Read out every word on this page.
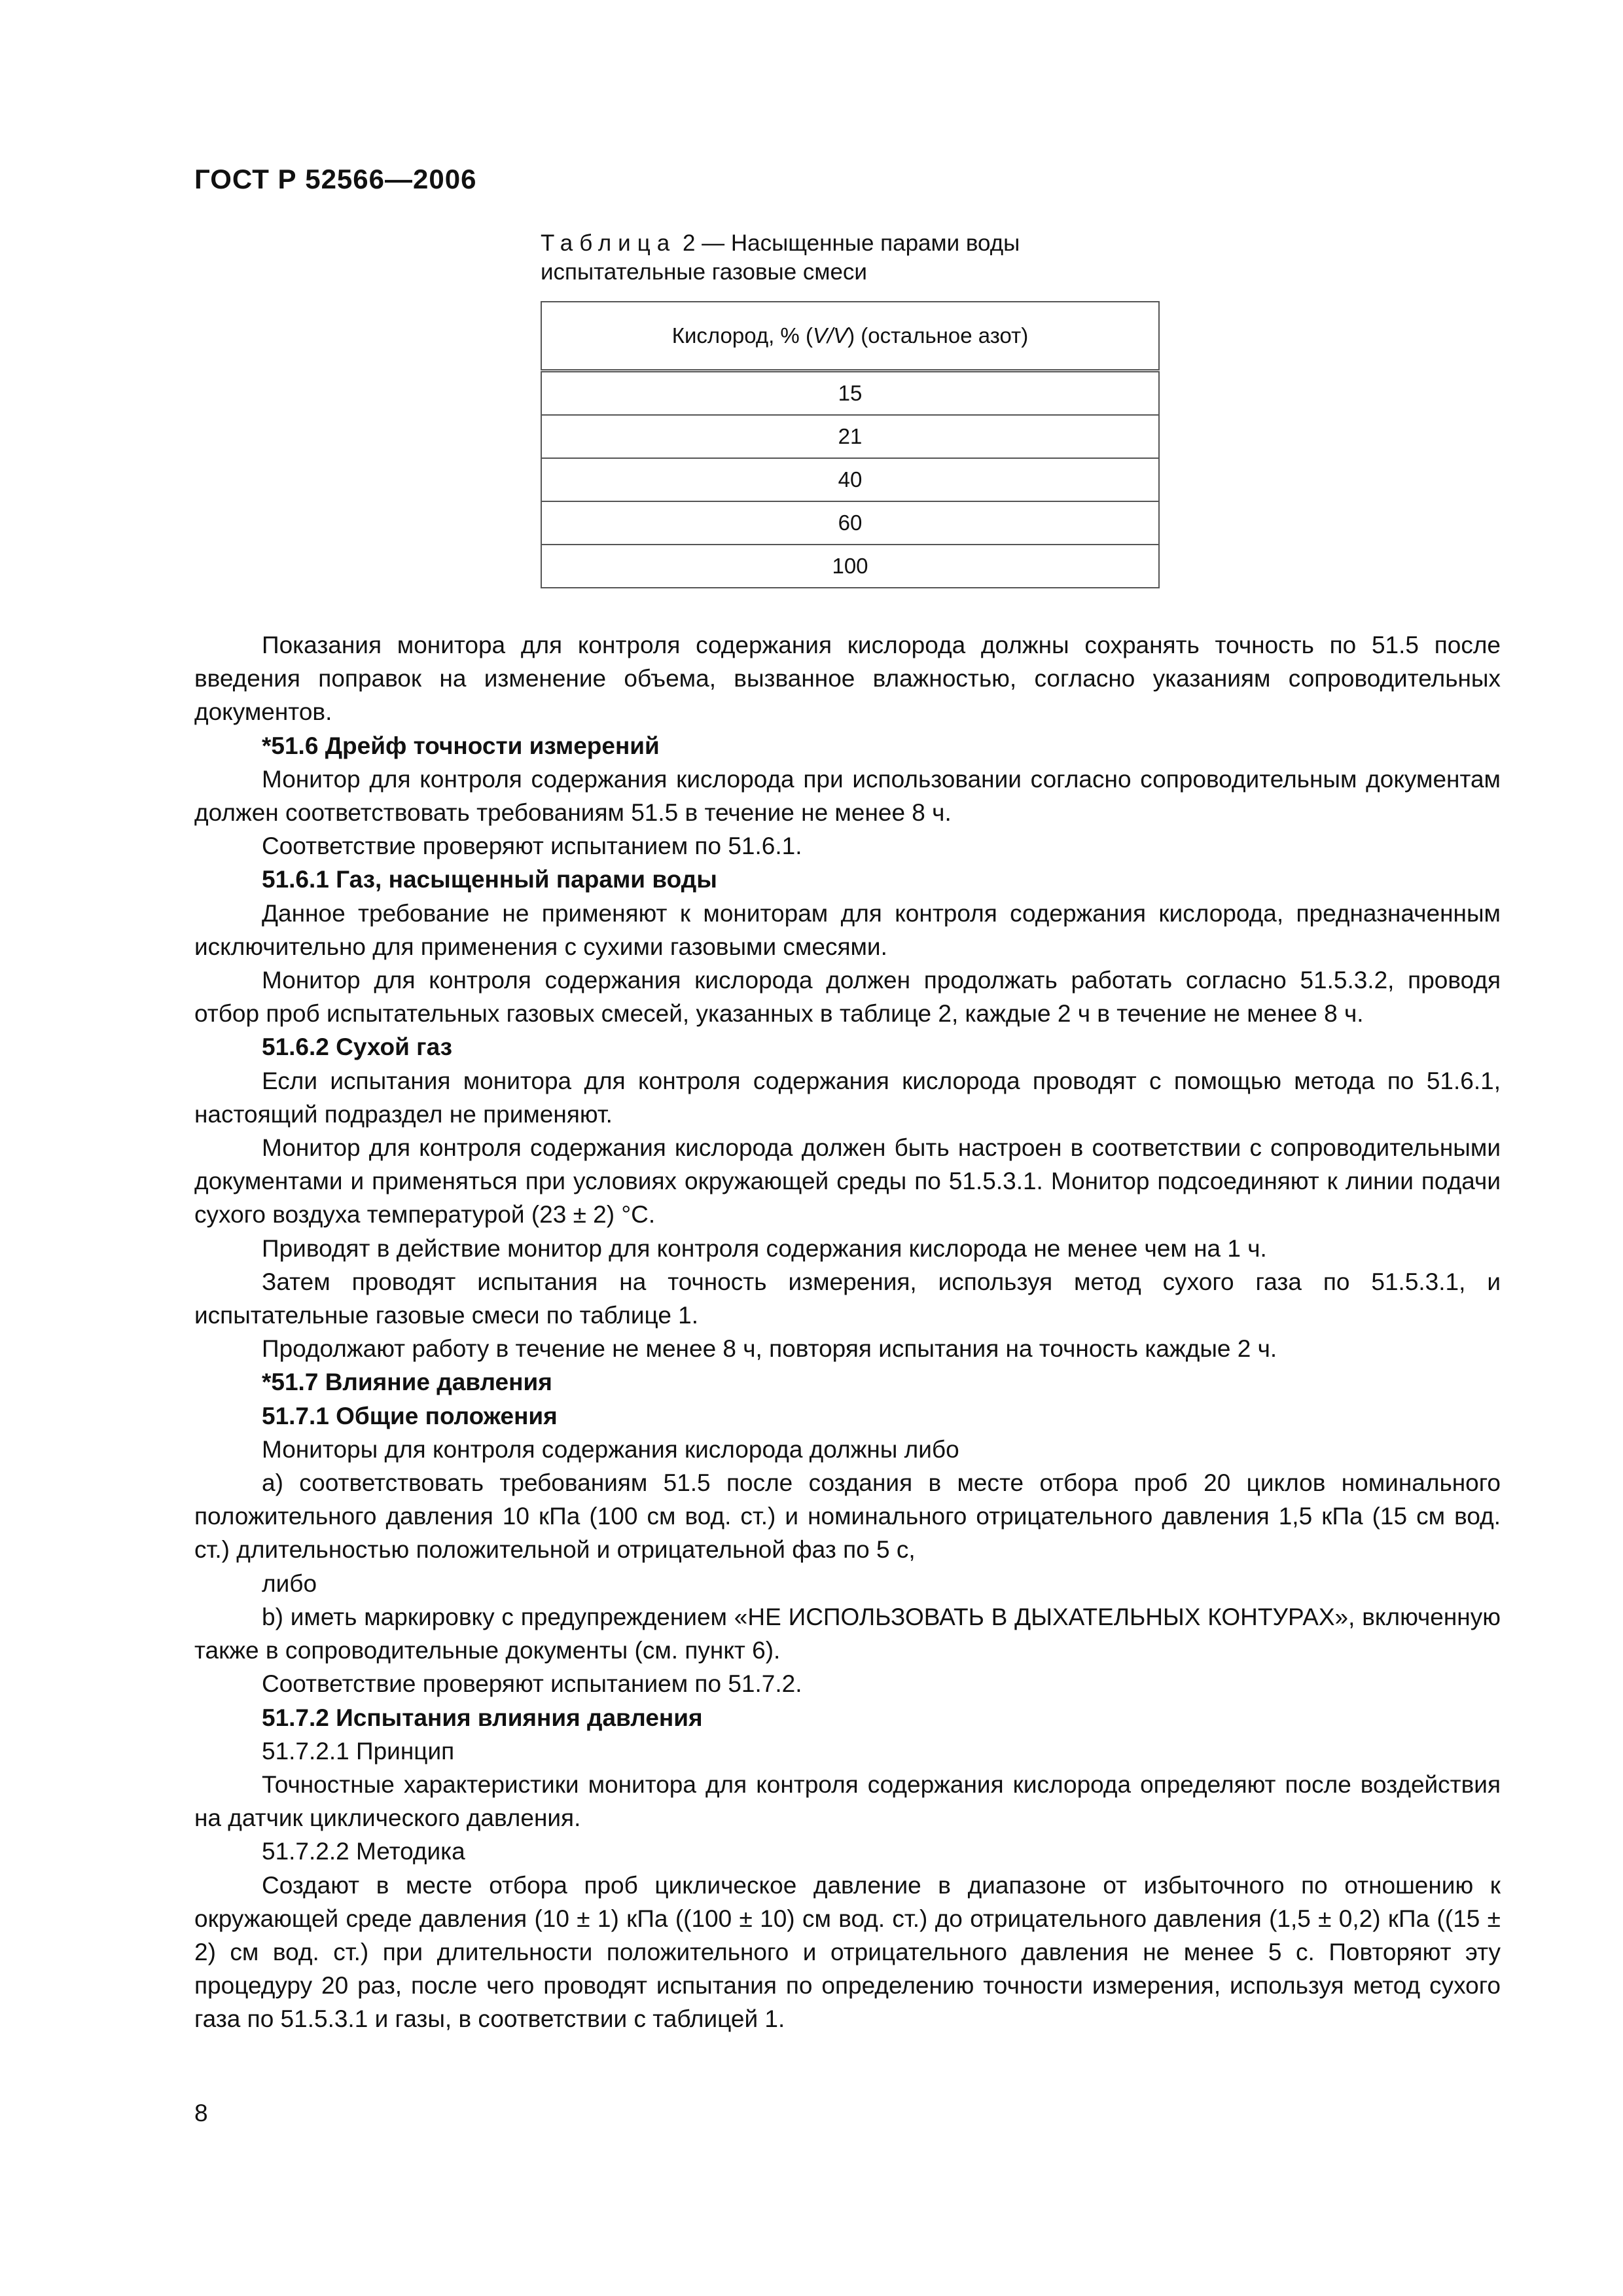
ГОСТ Р 52566—2006
Таблица 2 — Насыщенные парами воды
испытательные газовые смеси
Кислород, % (V/V) (остальное азот)
15
21
40
60
100

Показания монитора для контроля содержания кислорода должны сохранять точность по 51.5 после введения поправок на изменение объема, вызванное влажностью, согласно указаниям сопроводительных документов.

*51.6 Дрейф точности измерений

Монитор для контроля содержания кислорода при использовании согласно сопроводительным документам должен соответствовать требованиям 51.5 в течение не менее 8 ч.

Соответствие проверяют испытанием по 51.6.1.

51.6.1 Газ, насыщенный парами воды

Данное требование не применяют к мониторам для контроля содержания кислорода, предназначенным исключительно для применения с сухими газовыми смесями.

Монитор для контроля содержания кислорода должен продолжать работать согласно 51.5.3.2, проводя отбор проб испытательных газовых смесей, указанных в таблице 2, каждые 2 ч в течение не менее 8 ч.

51.6.2 Сухой газ

Если испытания монитора для контроля содержания кислорода проводят с помощью метода по 51.6.1, настоящий подраздел не применяют.

Монитор для контроля содержания кислорода должен быть настроен в соответствии с сопроводительными документами и применяться при условиях окружающей среды по 51.5.3.1. Монитор подсоединяют к линии подачи сухого воздуха температурой (23 ± 2) °C.

Приводят в действие монитор для контроля содержания кислорода не менее чем на 1 ч.

Затем проводят испытания на точность измерения, используя метод сухого газа по 51.5.3.1, и испытательные газовые смеси по таблице 1.

Продолжают работу в течение не менее 8 ч, повторяя испытания на точность каждые 2 ч.

*51.7 Влияние давления

51.7.1 Общие положения

Мониторы для контроля содержания кислорода должны либо

a) соответствовать требованиям 51.5 после создания в месте отбора проб 20 циклов номинального положительного давления 10 кПа (100 см вод. ст.) и номинального отрицательного давления 1,5 кПа (15 см вод. ст.) длительностью положительной и отрицательной фаз по 5 с,

либо

b) иметь маркировку с предупреждением «НЕ ИСПОЛЬЗОВАТЬ В ДЫХАТЕЛЬНЫХ КОНТУРАХ», включенную также в сопроводительные документы (см. пункт 6).

Соответствие проверяют испытанием по 51.7.2.

51.7.2 Испытания влияния давления

51.7.2.1 Принцип

Точностные характеристики монитора для контроля содержания кислорода определяют после воздействия на датчик циклического давления.

51.7.2.2 Методика

Создают в месте отбора проб циклическое давление в диапазоне от избыточного по отношению к окружающей среде давления (10 ± 1) кПа ((100 ± 10) см вод. ст.) до отрицательного давления (1,5 ± 0,2) кПа ((15 ± 2) см вод. ст.) при длительности положительного и отрицательного давления не менее 5 с. Повторяют эту процедуру 20 раз, после чего проводят испытания по определению точности измерения, используя метод сухого газа по 51.5.3.1 и газы, в соответствии с таблицей 1.

8
